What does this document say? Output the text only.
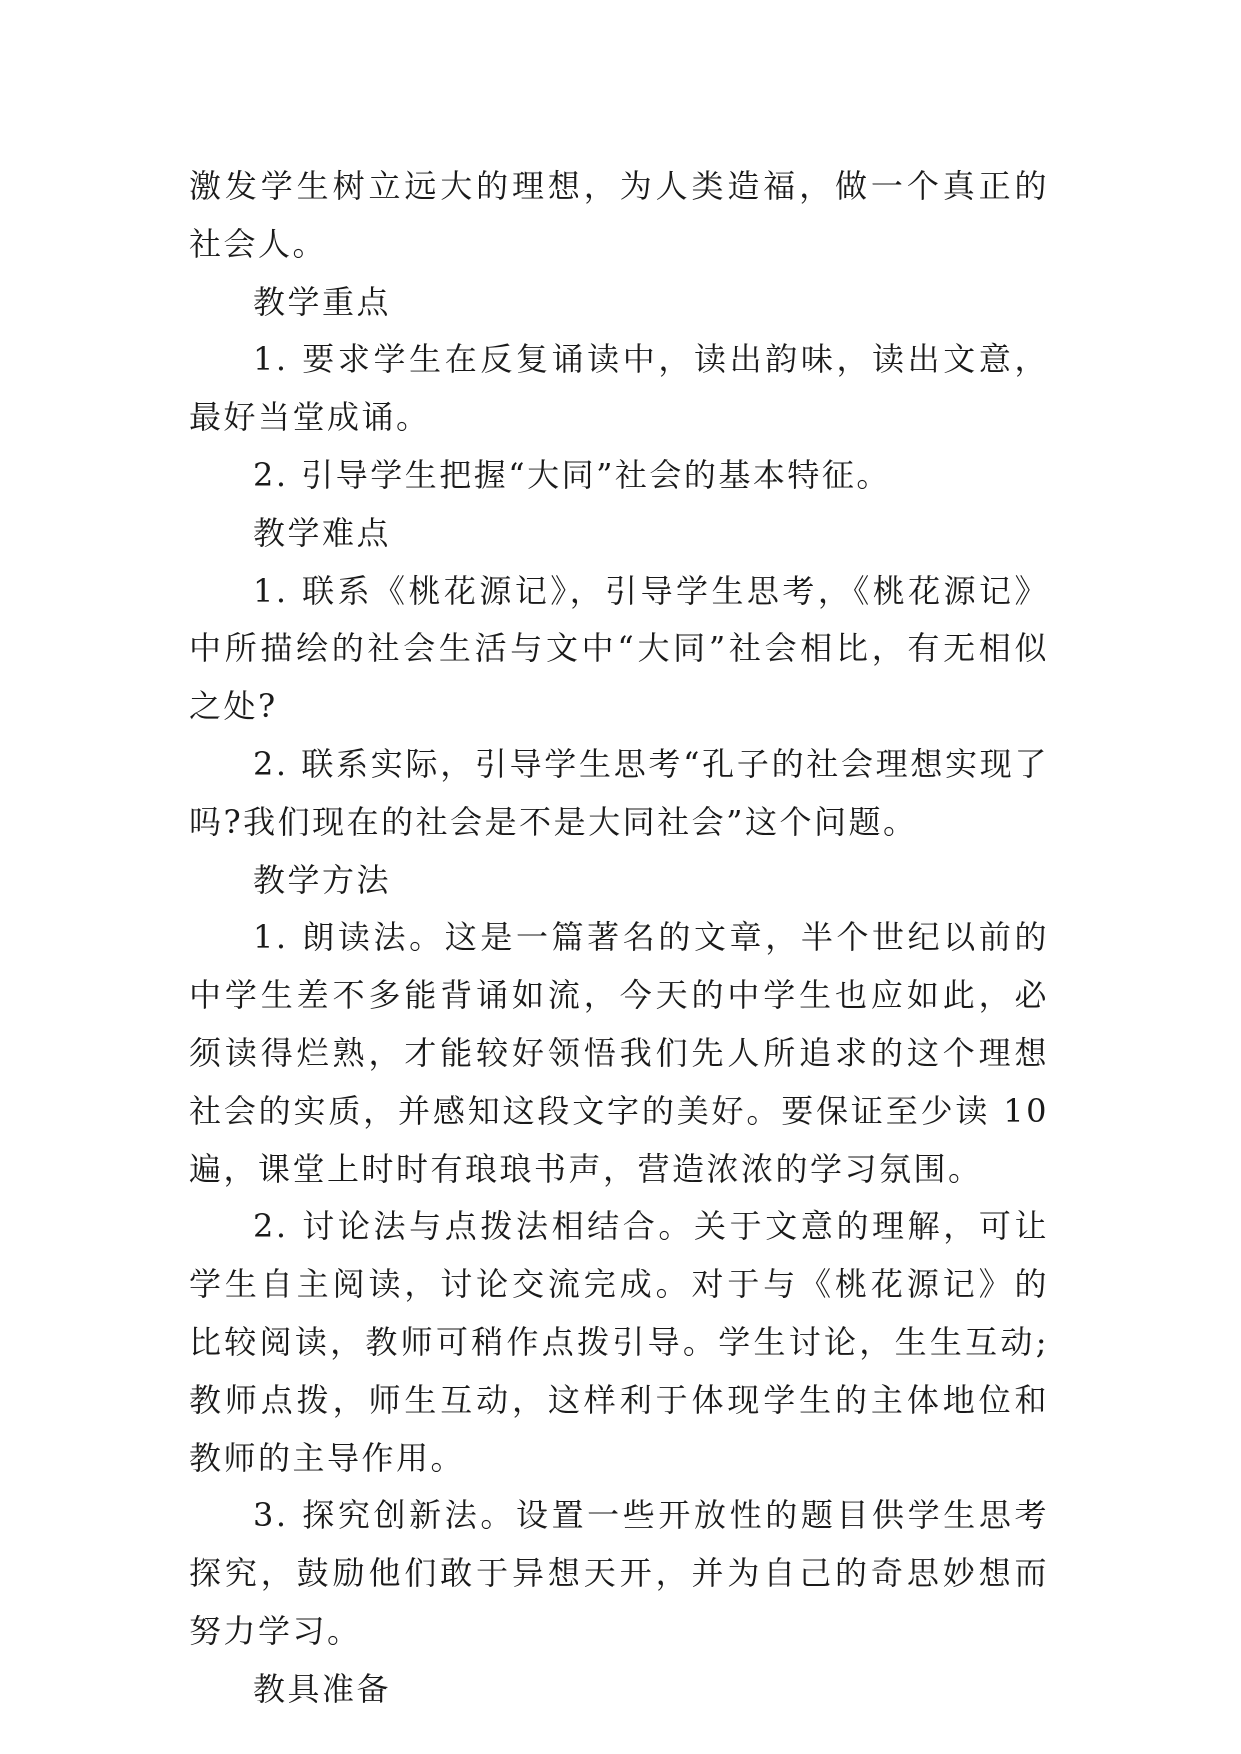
激发学生树立远大的理想，为人类造福，做一个真正的社会人。

教学重点

1. 要求学生在反复诵读中，读出韵味，读出文意，最好当堂成诵。

2. 引导学生把握“大同”社会的基本特征。

教学难点

1. 联系《桃花源记》，引导学生思考，《桃花源记》中所描绘的社会生活与文中“大同”社会相比，有无相似之处?

2. 联系实际，引导学生思考“孔子的社会理想实现了吗?我们现在的社会是不是大同社会”这个问题。

教学方法

1. 朗读法。这是一篇著名的文章，半个世纪以前的中学生差不多能背诵如流，今天的中学生也应如此，必须读得烂熟，才能较好领悟我们先人所追求的这个理想社会的实质，并感知这段文字的美好。要保证至少读 10 遍，课堂上时时有琅琅书声，营造浓浓的学习氛围。

2. 讨论法与点拨法相结合。关于文意的理解，可让学生自主阅读，讨论交流完成。对于与《桃花源记》的比较阅读，教师可稍作点拨引导。学生讨论，生生互动;教师点拨，师生互动，这样利于体现学生的主体地位和教师的主导作用。

3. 探究创新法。设置一些开放性的题目供学生思考探究，鼓励他们敢于异想天开，并为自己的奇思妙想而努力学习。

教具准备
